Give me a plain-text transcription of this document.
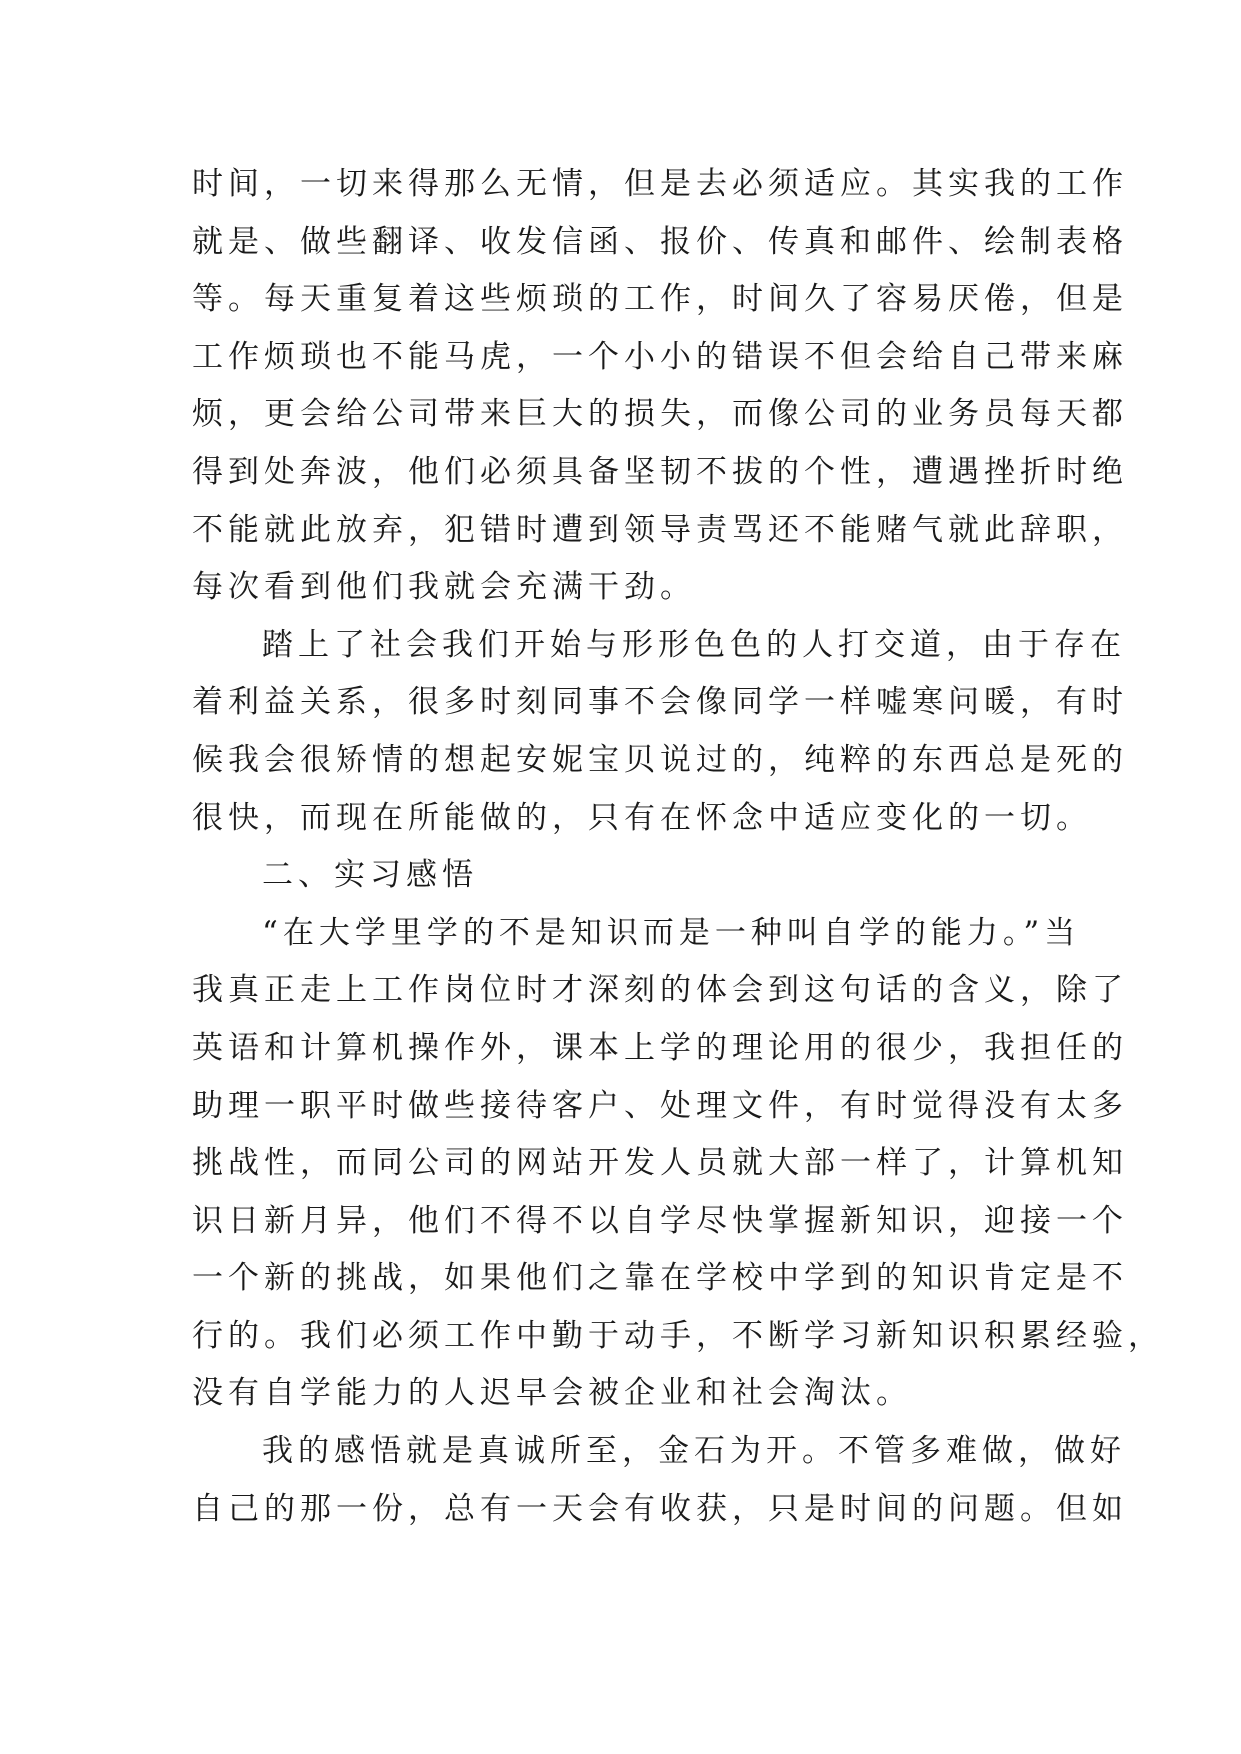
时间，一切来得那么无情，但是去必须适应。其实我的工作
就是、做些翻译、收发信函、报价、传真和邮件、绘制表格
等。每天重复着这些烦琐的工作，时间久了容易厌倦，但是
工作烦琐也不能马虎，一个小小的错误不但会给自己带来麻
烦，更会给公司带来巨大的损失，而像公司的业务员每天都
得到处奔波，他们必须具备坚韧不拔的个性，遭遇挫折时绝
不能就此放弃，犯错时遭到领导责骂还不能赌气就此辞职，
每次看到他们我就会充满干劲。
踏上了社会我们开始与形形色色的人打交道，由于存在
着利益关系，很多时刻同事不会像同学一样嘘寒问暖，有时
候我会很矫情的想起安妮宝贝说过的，纯粹的东西总是死的
很快，而现在所能做的，只有在怀念中适应变化的一切。
二、实习感悟
“在大学里学的不是知识而是一种叫自学的能力。”当
我真正走上工作岗位时才深刻的体会到这句话的含义，除了
英语和计算机操作外，课本上学的理论用的很少，我担任的
助理一职平时做些接待客户、处理文件，有时觉得没有太多
挑战性，而同公司的网站开发人员就大部一样了，计算机知
识日新月异，他们不得不以自学尽快掌握新知识，迎接一个
一个新的挑战，如果他们之靠在学校中学到的知识肯定是不
行的。我们必须工作中勤于动手，不断学习新知识积累经验，
没有自学能力的人迟早会被企业和社会淘汰。
我的感悟就是真诚所至，金石为开。不管多难做，做好
自己的那一份，总有一天会有收获，只是时间的问题。但如
